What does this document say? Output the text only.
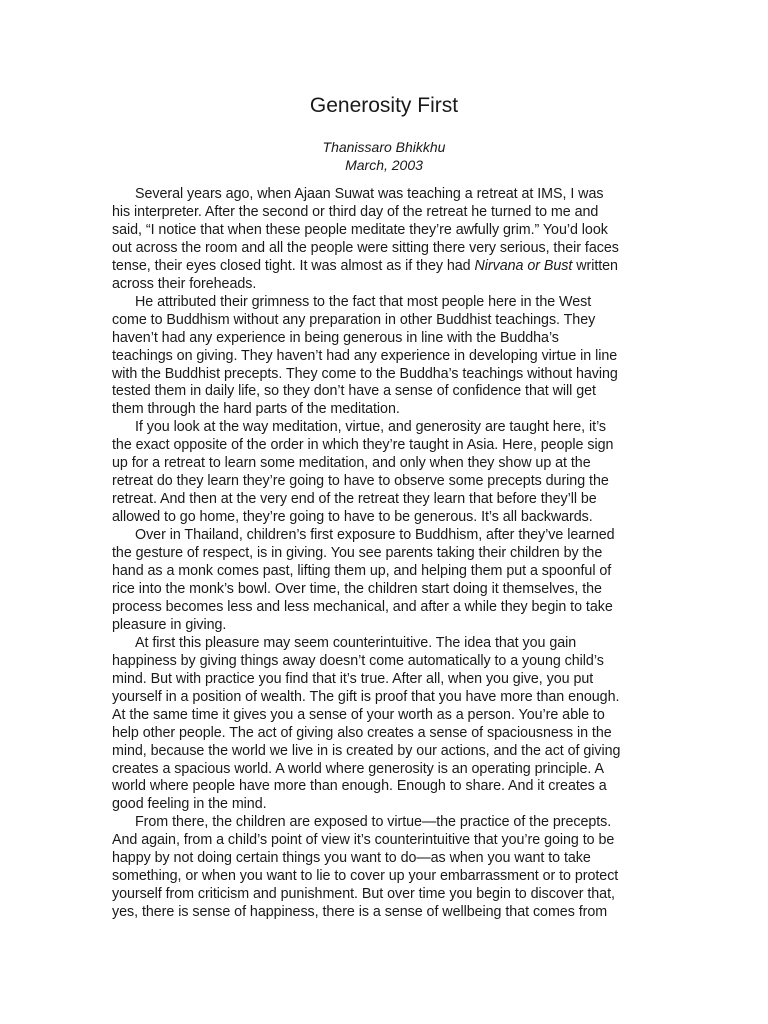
Generosity First
Thanissaro Bhikkhu
March, 2003

Several years ago, when Ajaan Suwat was teaching a retreat at IMS, I was
his interpreter. After the second or third day of the retreat he turned to me and
said, “I notice that when these people meditate they’re awfully grim.” You’d look
out across the room and all the people were sitting there very serious, their faces
tense, their eyes closed tight. It was almost as if they had Nirvana or Bust written
across their foreheads.

He attributed their grimness to the fact that most people here in the West
come to Buddhism without any preparation in other Buddhist teachings. They
haven’t had any experience in being generous in line with the Buddha’s
teachings on giving. They haven’t had any experience in developing virtue in line
with the Buddhist precepts. They come to the Buddha’s teachings without having
tested them in daily life, so they don’t have a sense of confidence that will get
them through the hard parts of the meditation.

If you look at the way meditation, virtue, and generosity are taught here, it’s
the exact opposite of the order in which they’re taught in Asia. Here, people sign
up for a retreat to learn some meditation, and only when they show up at the
retreat do they learn they’re going to have to observe some precepts during the
retreat. And then at the very end of the retreat they learn that before they’ll be
allowed to go home, they’re going to have to be generous. It’s all backwards.

Over in Thailand, children’s first exposure to Buddhism, after they’ve learned
the gesture of respect, is in giving. You see parents taking their children by the
hand as a monk comes past, lifting them up, and helping them put a spoonful of
rice into the monk’s bowl. Over time, the children start doing it themselves, the
process becomes less and less mechanical, and after a while they begin to take
pleasure in giving.

At first this pleasure may seem counterintuitive. The idea that you gain
happiness by giving things away doesn’t come automatically to a young child’s
mind. But with practice you find that it’s true. After all, when you give, you put
yourself in a position of wealth. The gift is proof that you have more than enough.
At the same time it gives you a sense of your worth as a person. You’re able to
help other people. The act of giving also creates a sense of spaciousness in the
mind, because the world we live in is created by our actions, and the act of giving
creates a spacious world. A world where generosity is an operating principle. A
world where people have more than enough. Enough to share. And it creates a
good feeling in the mind.

From there, the children are exposed to virtue—the practice of the precepts.
And again, from a child’s point of view it’s counterintuitive that you’re going to be
happy by not doing certain things you want to do—as when you want to take
something, or when you want to lie to cover up your embarrassment or to protect
yourself from criticism and punishment. But over time you begin to discover that,
yes, there is sense of happiness, there is a sense of wellbeing that comes from
